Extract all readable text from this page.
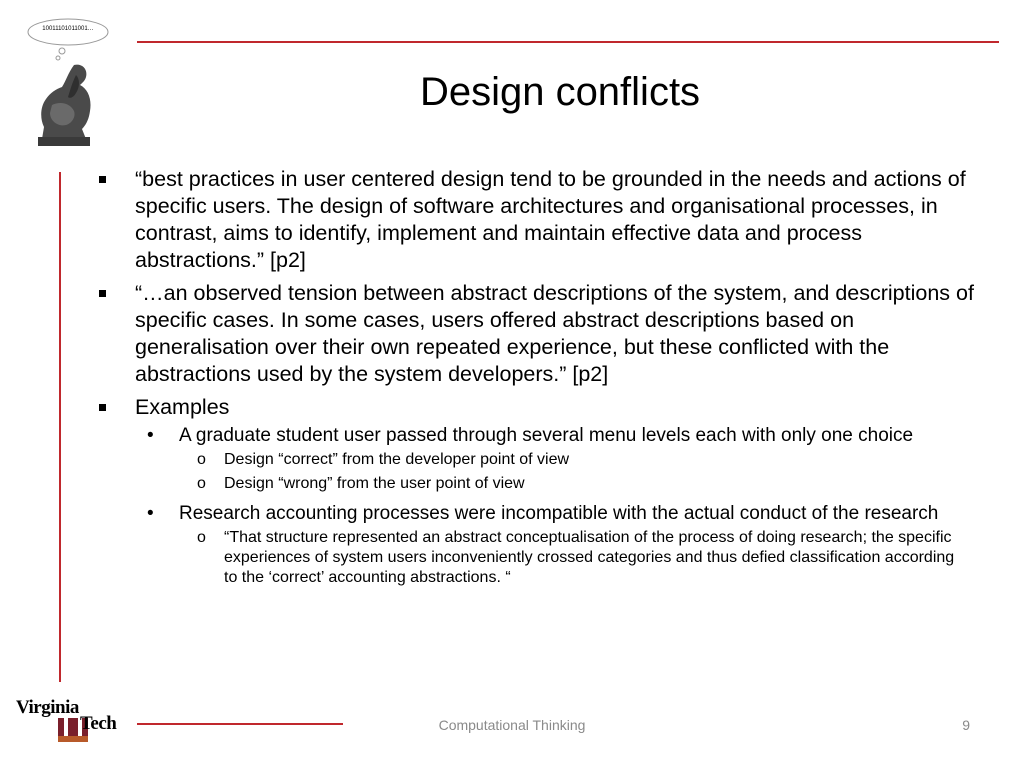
10011101011001…
Design conflicts
“best practices in user centered design tend to be grounded in the needs and actions of specific users. The design of software architectures and organisational processes, in contrast, aims to identify, implement and maintain effective data and process abstractions.” [p2]
“…an observed tension between abstract descriptions of the system, and descriptions of specific cases. In some cases, users offered abstract descriptions based on generalisation over their own repeated experience, but these conflicted with the abstractions used by the system developers.” [p2]
Examples
• A graduate student user passed through several menu levels each with only one choice
o Design “correct” from the developer point of view
o Design “wrong” from the user point of view
• Research accounting processes were incompatible with the actual conduct of the research
o “That structure represented an abstract conceptualisation of the process of doing research; the specific experiences of system users inconveniently crossed categories and thus defied classification according to the ‘correct’ accounting abstractions. “
Virginia
Tech	Computational Thinking	9
